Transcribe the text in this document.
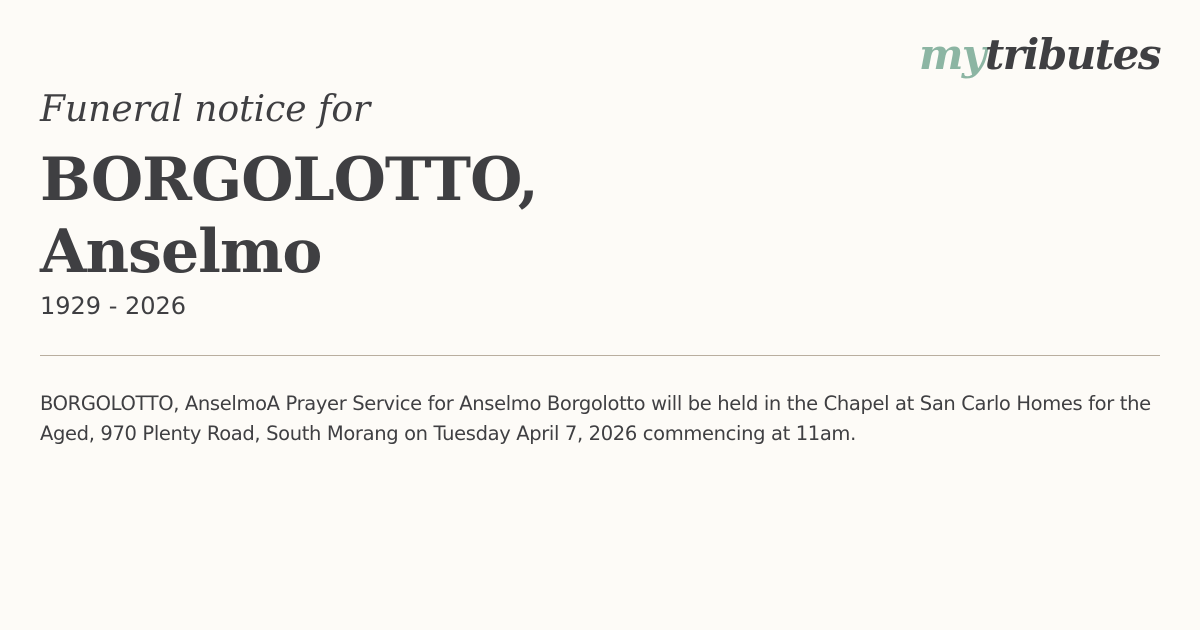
mytributes
Funeral notice for
BORGOLOTTO,
Anselmo
1929 - 2026

BORGOLOTTO, AnselmoA Prayer Service for Anselmo Borgolotto will be held in the Chapel at San Carlo Homes for the Aged, 970 Plenty Road, South Morang on Tuesday April 7, 2026 commencing at 11am.
